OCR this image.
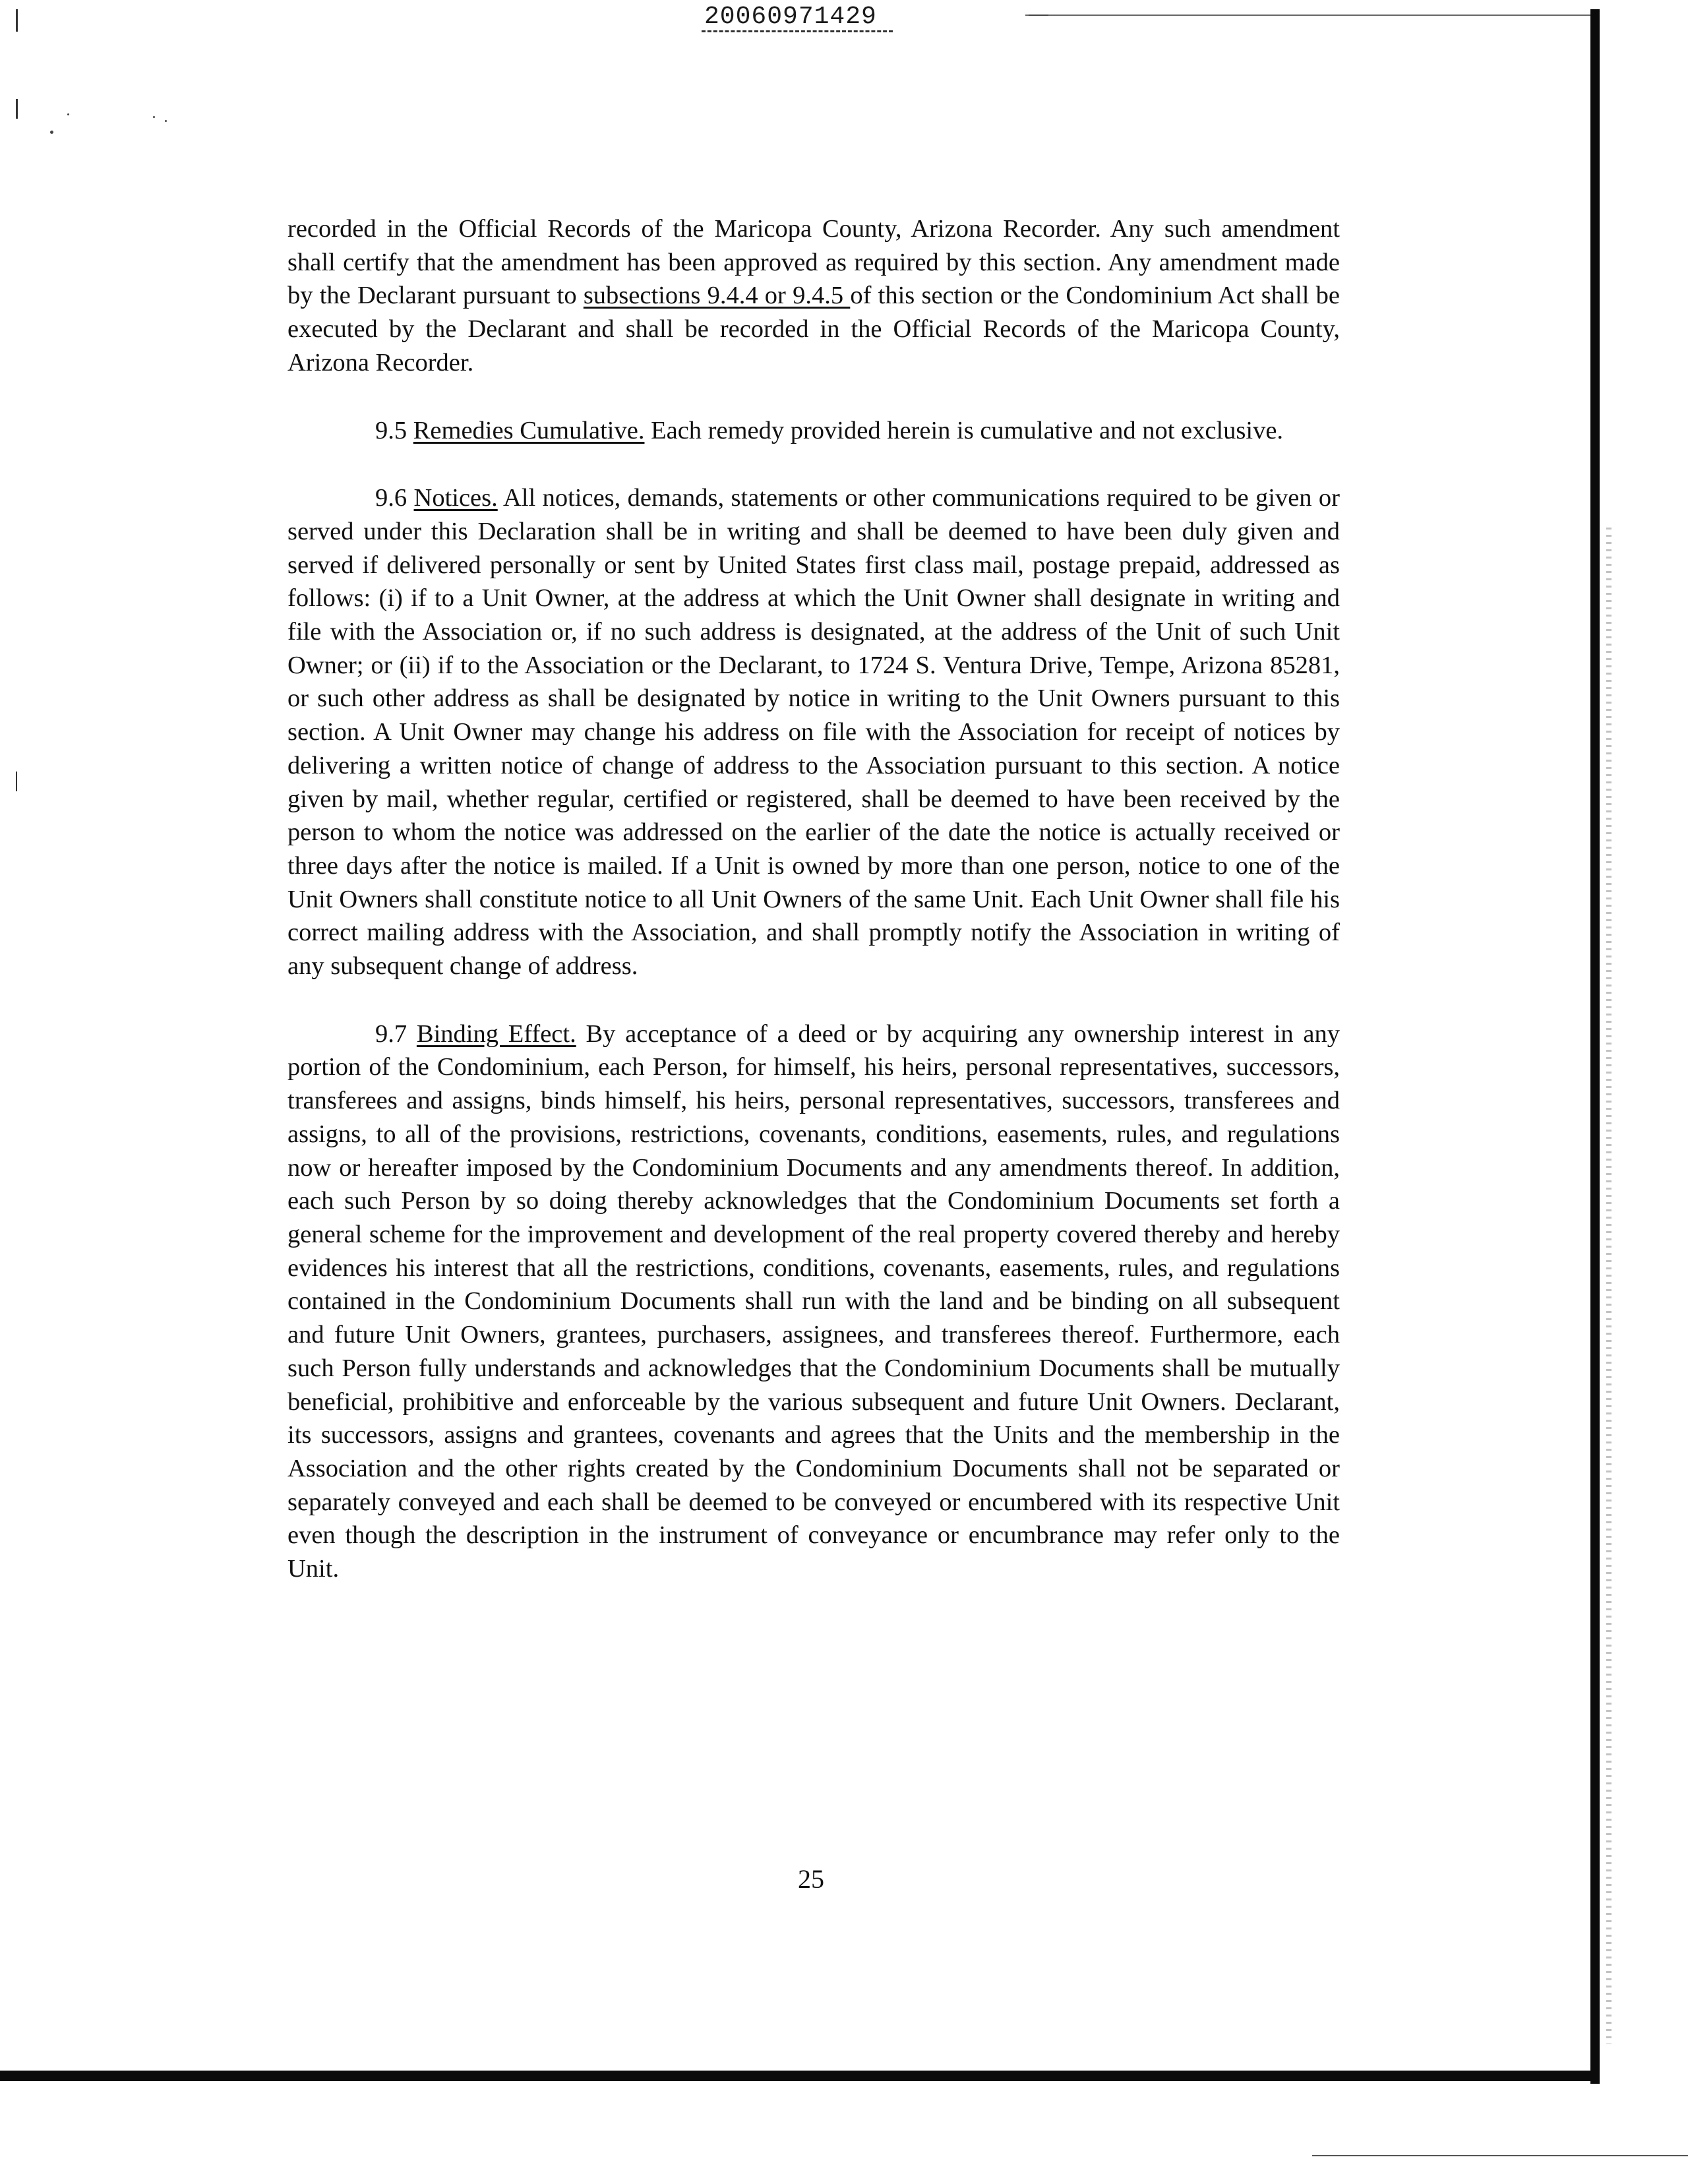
20060971429

recorded in the Official Records of the Maricopa County, Arizona Recorder. Any such amendment shall certify that the amendment has been approved as required by this section. Any amendment made by the Declarant pursuant to subsections 9.4.4 or 9.4.5 of this section or the Condominium Act shall be executed by the Declarant and shall be recorded in the Official Records of the Maricopa County, Arizona Recorder.

9.5 Remedies Cumulative. Each remedy provided herein is cumulative and not exclusive.

9.6 Notices. All notices, demands, statements or other communications required to be given or served under this Declaration shall be in writing and shall be deemed to have been duly given and served if delivered personally or sent by United States first class mail, postage prepaid, addressed as follows: (i) if to a Unit Owner, at the address at which the Unit Owner shall designate in writing and file with the Association or, if no such address is designated, at the address of the Unit of such Unit Owner; or (ii) if to the Association or the Declarant, to 1724 S. Ventura Drive, Tempe, Arizona 85281, or such other address as shall be designated by notice in writing to the Unit Owners pursuant to this section. A Unit Owner may change his address on file with the Association for receipt of notices by delivering a written notice of change of address to the Association pursuant to this section. A notice given by mail, whether regular, certified or registered, shall be deemed to have been received by the person to whom the notice was addressed on the earlier of the date the notice is actually received or three days after the notice is mailed. If a Unit is owned by more than one person, notice to one of the Unit Owners shall constitute notice to all Unit Owners of the same Unit. Each Unit Owner shall file his correct mailing address with the Association, and shall promptly notify the Association in writing of any subsequent change of address.

9.7 Binding Effect. By acceptance of a deed or by acquiring any ownership interest in any portion of the Condominium, each Person, for himself, his heirs, personal representatives, successors, transferees and assigns, binds himself, his heirs, personal representatives, successors, transferees and assigns, to all of the provisions, restrictions, covenants, conditions, easements, rules, and regulations now or hereafter imposed by the Condominium Documents and any amendments thereof. In addition, each such Person by so doing thereby acknowledges that the Condominium Documents set forth a general scheme for the improvement and development of the real property covered thereby and hereby evidences his interest that all the restrictions, conditions, covenants, easements, rules, and regulations contained in the Condominium Documents shall run with the land and be binding on all subsequent and future Unit Owners, grantees, purchasers, assignees, and transferees thereof. Furthermore, each such Person fully understands and acknowledges that the Condominium Documents shall be mutually beneficial, prohibitive and enforceable by the various subsequent and future Unit Owners. Declarant, its successors, assigns and grantees, covenants and agrees that the Units and the membership in the Association and the other rights created by the Condominium Documents shall not be separated or separately conveyed and each shall be deemed to be conveyed or encumbered with its respective Unit even though the description in the instrument of conveyance or encumbrance may refer only to the Unit.

25
